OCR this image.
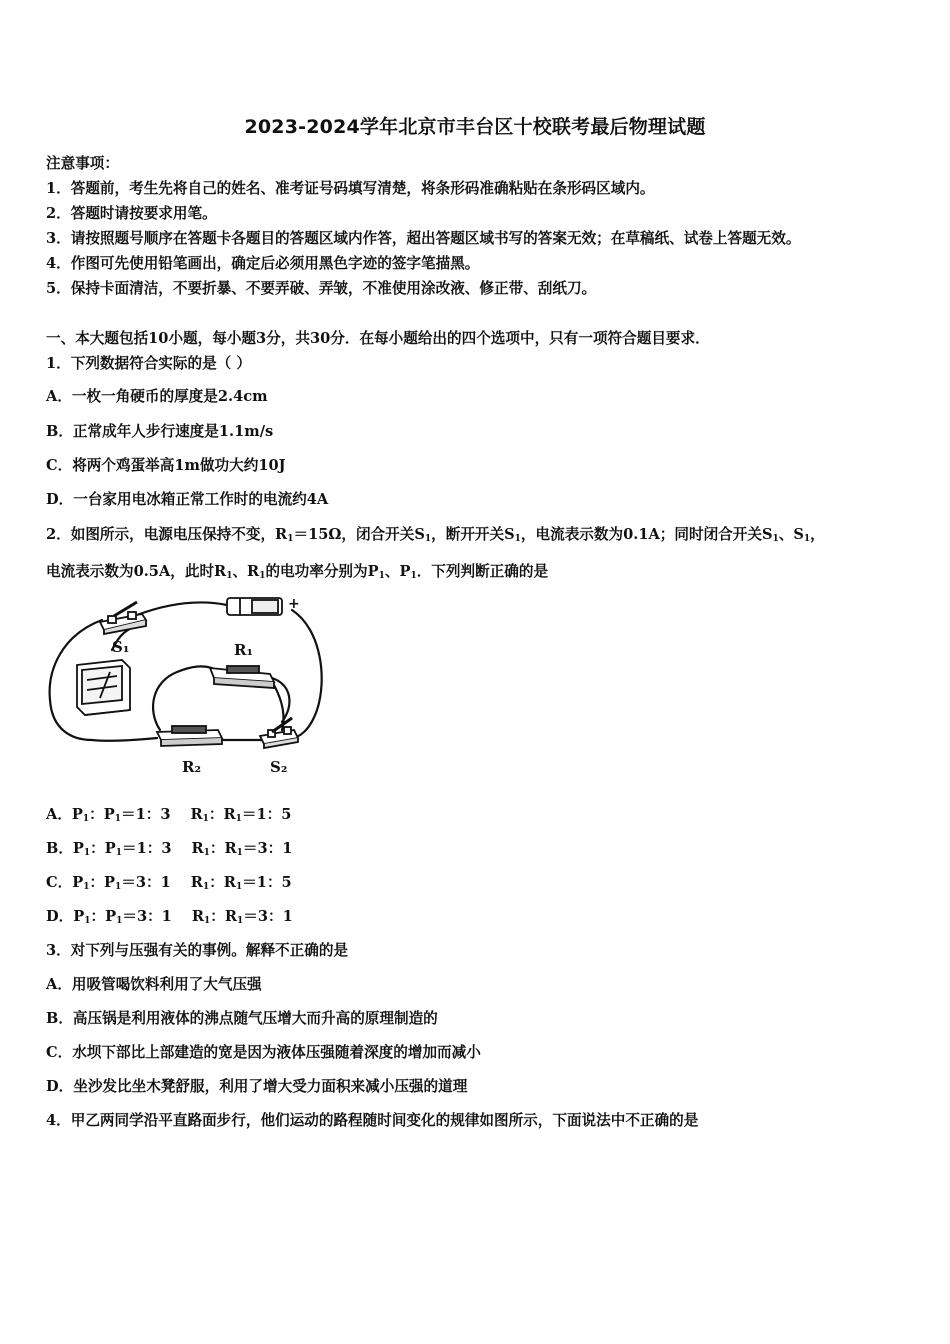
2023-2024学年北京市丰台区十校联考最后物理试题
注意事项：
1．答题前，考生先将自己的姓名、准考证号码填写清楚，将条形码准确粘贴在条形码区域内。
2．答题时请按要求用笔。
3．请按照题号顺序在答题卡各题目的答题区域内作答，超出答题区域书写的答案无效；在草稿纸、试卷上答题无效。
4．作图可先使用铅笔画出，确定后必须用黑色字迹的签字笔描黑。
5．保持卡面清洁，不要折暴、不要弄破、弄皱，不准使用涂改液、修正带、刮纸刀。
一、本大题包括10小题，每小题3分，共30分．在每小题给出的四个选项中，只有一项符合题目要求．
1．下列数据符合实际的是（ ）
A．一枚一角硬币的厚度是2.4cm
B．正常成年人步行速度是1.1m/s
C．将两个鸡蛋举高1m做功大约10J
D．一台家用电冰箱正常工作时的电流约4A
2．如图所示，电源电压保持不变，$R_1=15\Omega$，闭合开关$S_1$，断开开关$S_1$，电流表示数为0.1A；同时闭合开关$S_1$、$S_1$，
电流表示数为0.5A，此时$R_1$、$R_1$的电功率分别为$P_1$、$P_1$．下列判断正确的是
S₁
+
R₁
R₂	S₂
A．$P_1$：$P_1=1$：3 $R_1$：$R_1=1$：5
B．$P_1$：$P_1=1$：3 $R_1$：$R_1=3$：1
C．$P_1$：$P_1=3$：1 $R_1$：$R_1=1$：5
D．$P_1$：$P_1=3$：1 $R_1$：$R_1=3$：1
3．对下列与压强有关的事例。解释不正确的是
A．用吸管喝饮料利用了大气压强
B．高压锅是利用液体的沸点随气压增大而升高的原理制造的
C．水坝下部比上部建造的宽是因为液体压强随着深度的增加而减小
D．坐沙发比坐木凳舒服，利用了增大受力面积来减小压强的道理
4．甲乙两同学沿平直路面步行，他们运动的路程随时间变化的规律如图所示，下面说法中不正确的是
